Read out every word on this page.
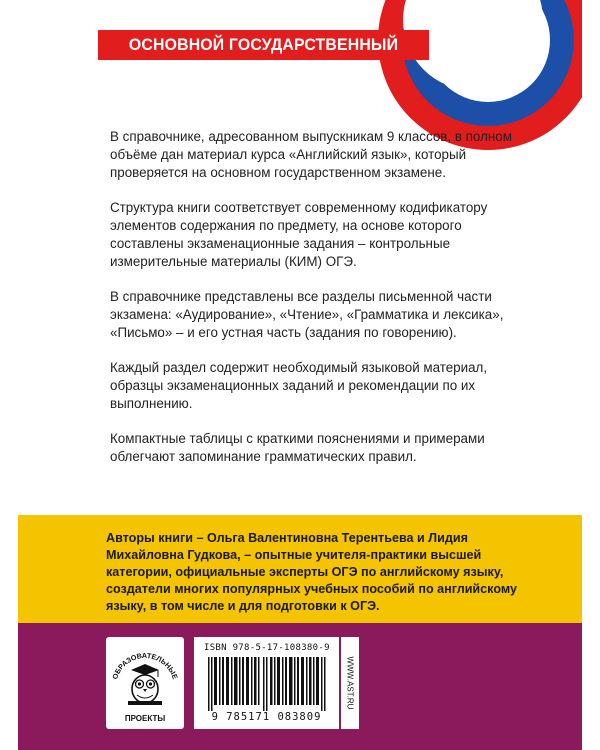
ОСНОВНОЙ ГОСУДАРСТВЕННЫЙ ЭКЗАМЕН

В справочнике, адресованном выпускникам 9 классов, в полном объёме дан материал курса «Английский язык», который проверяется на основном государственном экзамене.

Структура книги соответствует современному кодификатору элементов содержания по предмету, на основе которого составлены экзаменационные задания – контрольные измерительные материалы (КИМ) ОГЭ.

В справочнике представлены все разделы письменной части экзамена: «Аудирование», «Чтение», «Грамматика и лексика», «Письмо» – и его устная часть (задания по говорению).

Каждый раздел содержит необходимый языковой материал, образцы экзаменационных заданий и рекомендации по их выполнению.

Компактные таблицы с краткими пояснениями и примерами облегчают запоминание грамматических правил.

Авторы книги – Ольга Валентиновна Терентьева и Лидия Михайловна Гудкова, – опытные учителя-практики высшей категории, официальные эксперты ОГЭ по английскому языку, создатели многих популярных учебных пособий по английскому языку, в том числе и для подготовки к ОГЭ.
ОБРАЗОВАТЕЛЬНЫЕ
ПРОЕКТЫ
ISBN 978-5-17-108380-9
9 785171 083809
WWW.AST.RU
